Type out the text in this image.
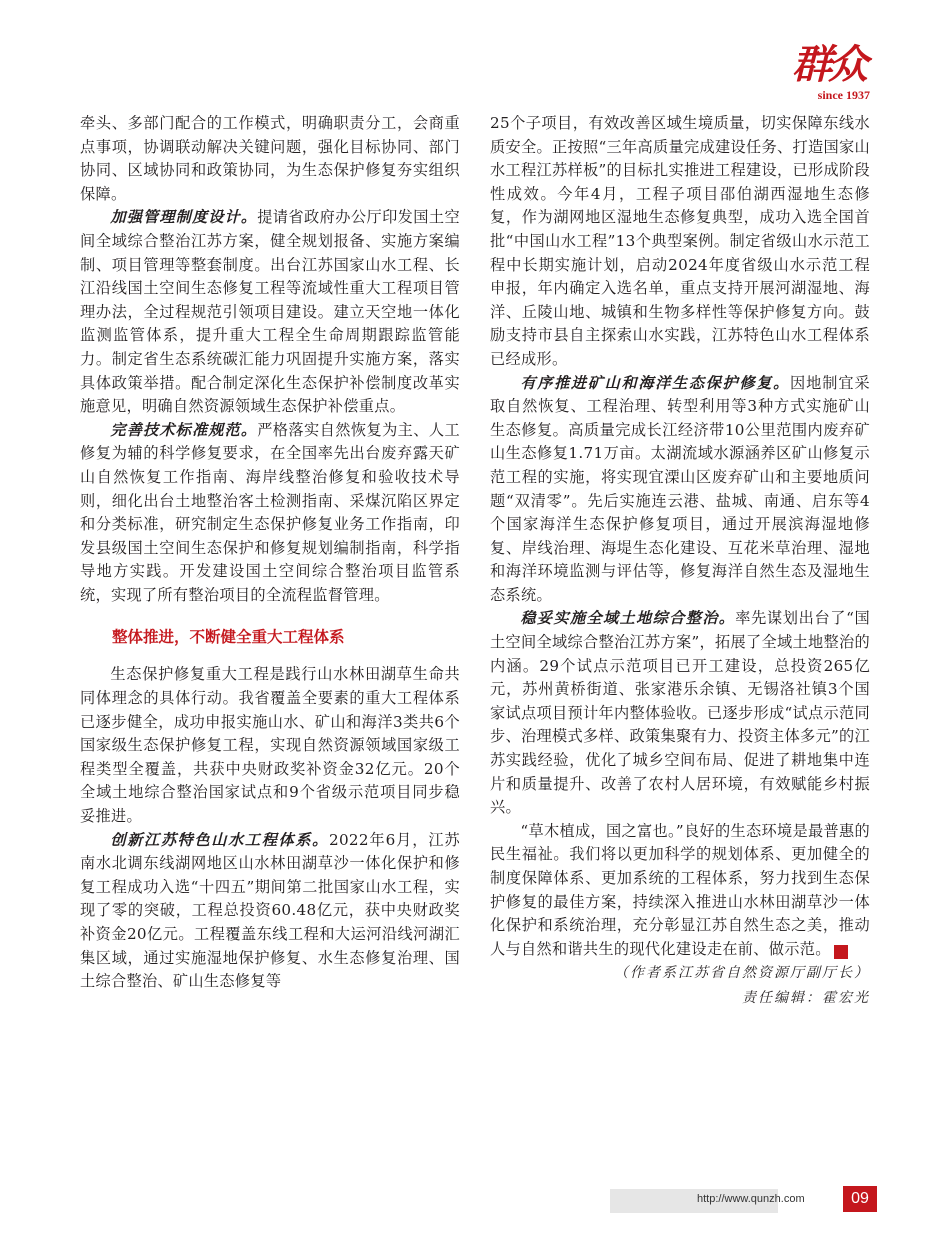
群众
since 1937

牵头、多部门配合的工作模式，明确职责分工，会商重点事项，协调联动解决关键问题，强化目标协同、部门协同、区域协同和政策协同，为生态保护修复夯实组织保障。

加强管理制度设计。提请省政府办公厅印发国土空间全域综合整治江苏方案，健全规划报备、实施方案编制、项目管理等整套制度。出台江苏国家山水工程、长江沿线国土空间生态修复工程等流域性重大工程项目管理办法，全过程规范引领项目建设。建立天空地一体化监测监管体系，提升重大工程全生命周期跟踪监管能力。制定省生态系统碳汇能力巩固提升实施方案，落实具体政策举措。配合制定深化生态保护补偿制度改革实施意见，明确自然资源领域生态保护补偿重点。

完善技术标准规范。严格落实自然恢复为主、人工修复为辅的科学修复要求，在全国率先出台废弃露天矿山自然恢复工作指南、海岸线整治修复和验收技术导则，细化出台土地整治客土检测指南、采煤沉陷区界定和分类标准，研究制定生态保护修复业务工作指南，印发县级国土空间生态保护和修复规划编制指南，科学指导地方实践。开发建设国土空间综合整治项目监管系统，实现了所有整治项目的全流程监督管理。

整体推进，不断健全重大工程体系

生态保护修复重大工程是践行山水林田湖草生命共同体理念的具体行动。我省覆盖全要素的重大工程体系已逐步健全，成功申报实施山水、矿山和海洋3类共6个国家级生态保护修复工程，实现自然资源领域国家级工程类型全覆盖，共获中央财政奖补资金32亿元。20个全域土地综合整治国家试点和9个省级示范项目同步稳妥推进。

创新江苏特色山水工程体系。2022年6月，江苏南水北调东线湖网地区山水林田湖草沙一体化保护和修复工程成功入选“十四五”期间第二批国家山水工程，实现了零的突破，工程总投资60.48亿元，获中央财政奖补资金20亿元。工程覆盖东线工程和大运河沿线河湖汇集区域，通过实施湿地保护修复、水生态修复治理、国土综合整治、矿山生态修复等

25个子项目，有效改善区域生境质量，切实保障东线水质安全。正按照“三年高质量完成建设任务、打造国家山水工程江苏样板”的目标扎实推进工程建设，已形成阶段性成效。今年4月，工程子项目邵伯湖西湿地生态修复，作为湖网地区湿地生态修复典型，成功入选全国首批“中国山水工程”13个典型案例。制定省级山水示范工程中长期实施计划，启动2024年度省级山水示范工程申报，年内确定入选名单，重点支持开展河湖湿地、海洋、丘陵山地、城镇和生物多样性等保护修复方向。鼓励支持市县自主探索山水实践，江苏特色山水工程体系已经成形。

有序推进矿山和海洋生态保护修复。因地制宜采取自然恢复、工程治理、转型利用等3种方式实施矿山生态修复。高质量完成长江经济带10公里范围内废弃矿山生态修复1.71万亩。太湖流域水源涵养区矿山修复示范工程的实施，将实现宜溧山区废弃矿山和主要地质问题“双清零”。先后实施连云港、盐城、南通、启东等4个国家海洋生态保护修复项目，通过开展滨海湿地修复、岸线治理、海堤生态化建设、互花米草治理、湿地和海洋环境监测与评估等，修复海洋自然生态及湿地生态系统。

稳妥实施全域土地综合整治。率先谋划出台了“国土空间全域综合整治江苏方案”，拓展了全域土地整治的内涵。29个试点示范项目已开工建设，总投资265亿元，苏州黄桥街道、张家港乐余镇、无锡洛社镇3个国家试点项目预计年内整体验收。已逐步形成“试点示范同步、治理模式多样、政策集聚有力、投资主体多元”的江苏实践经验，优化了城乡空间布局、促进了耕地集中连片和质量提升、改善了农村人居环境，有效赋能乡村振兴。

“草木植成，国之富也。”良好的生态环境是最普惠的民生福祉。我们将以更加科学的规划体系、更加健全的制度保障体系、更加系统的工程体系，努力找到生态保护修复的最佳方案，持续深入推进山水林田湖草沙一体化保护和系统治理，充分彰显江苏自然生态之美，推动人与自然和谐共生的现代化建设走在前、做示范。	群

（作者系江苏省自然资源厅副厅长）
责任编辑：霍宏光
http://www.qunzh.com	09
